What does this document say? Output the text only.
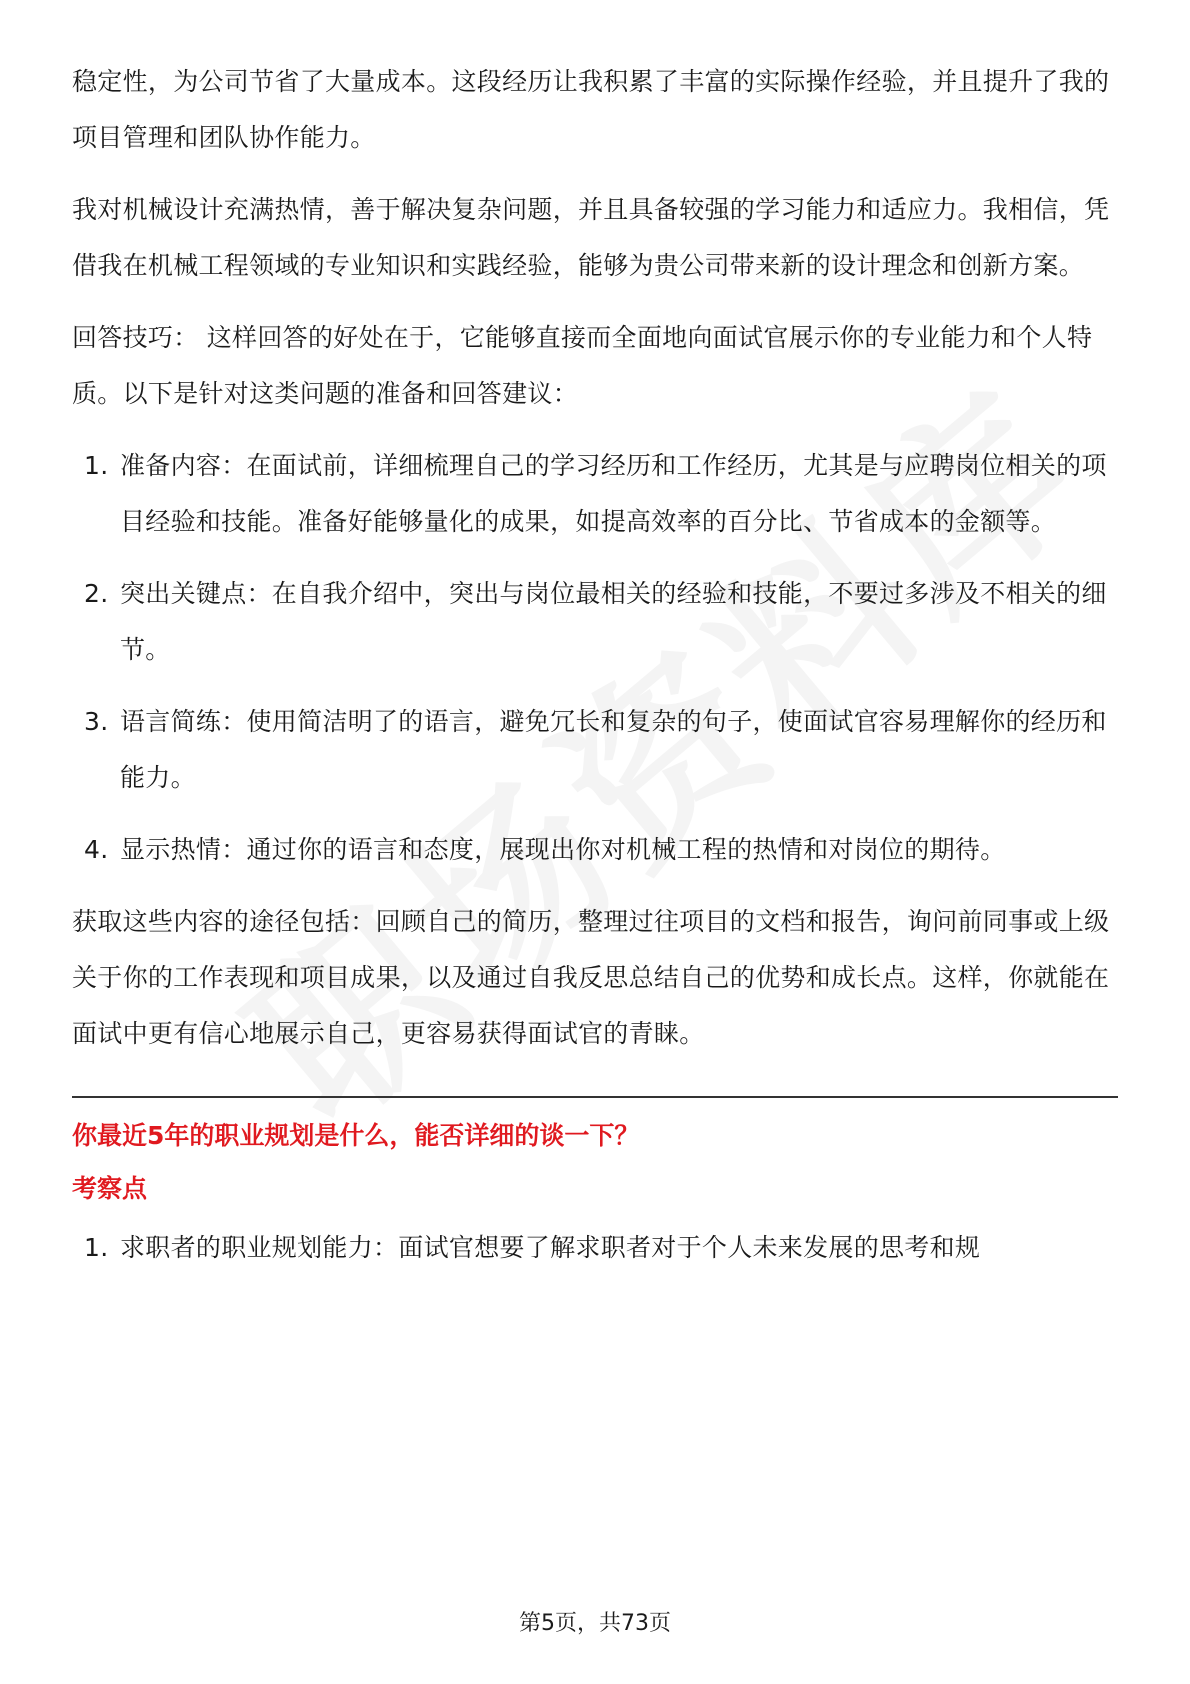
稳定性，为公司节省了大量成本。这段经历让我积累了丰富的实际操作经验，并且提升了我的项目管理和团队协作能力。

我对机械设计充满热情，善于解决复杂问题，并且具备较强的学习能力和适应力。我相信，凭借我在机械工程领域的专业知识和实践经验，能够为贵公司带来新的设计理念和创新方案。

回答技巧： 这样回答的好处在于，它能够直接而全面地向面试官展示你的专业能力和个人特质。以下是针对这类问题的准备和回答建议：

1. 准备内容：在面试前，详细梳理自己的学习经历和工作经历，尤其是与应聘岗位相关的项目经验和技能。准备好能够量化的成果，如提高效率的百分比、节省成本的金额等。
2. 突出关键点：在自我介绍中，突出与岗位最相关的经验和技能，不要过多涉及不相关的细节。
3. 语言简练：使用简洁明了的语言，避免冗长和复杂的句子，使面试官容易理解你的经历和能力。
4. 显示热情：通过你的语言和态度，展现出你对机械工程的热情和对岗位的期待。

获取这些内容的途径包括：回顾自己的简历，整理过往项目的文档和报告，询问前同事或上级关于你的工作表现和项目成果，以及通过自我反思总结自己的优势和成长点。这样，你就能在面试中更有信心地展示自己，更容易获得面试官的青睐。

你最近5年的职业规划是什么，能否详细的谈一下？
考察点
1. 求职者的职业规划能力：面试官想要了解求职者对于个人未来发展的思考和规
第5页，共73页
